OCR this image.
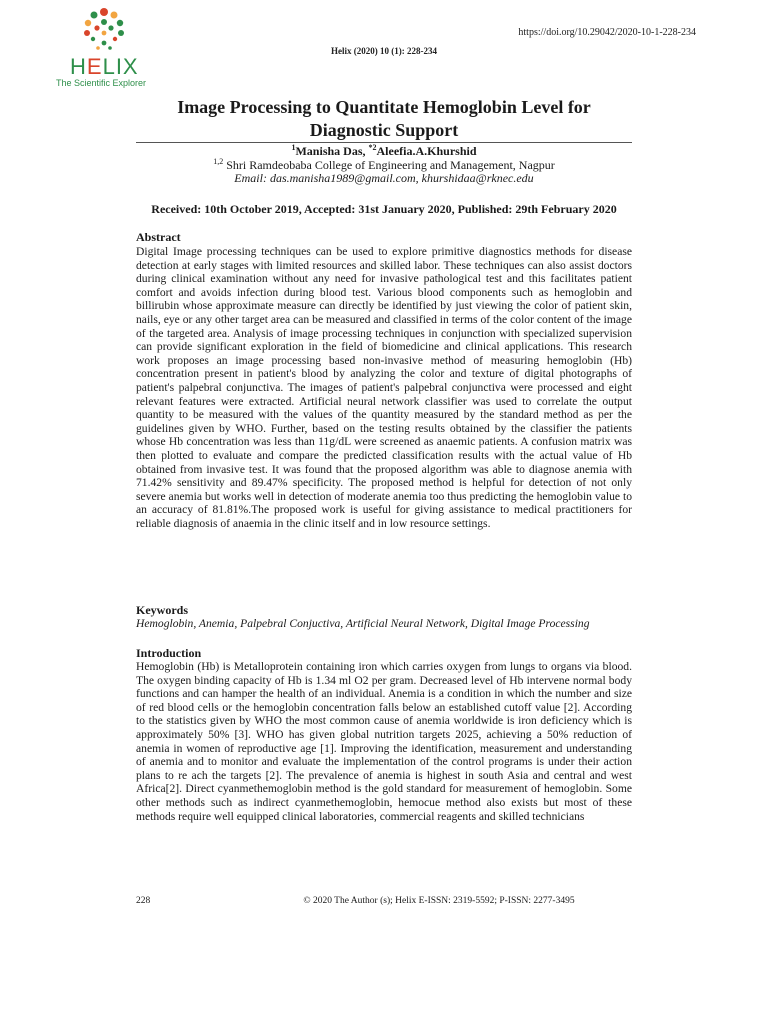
HELIX
The Scientific Explorer
https://doi.org/10.29042/2020-10-1-228-234
Helix (2020) 10 (1): 228-234
Image Processing to Quantitate Hemoglobin Level for Diagnostic Support
$^1$Manisha Das, $^{*2}$Aleefia.A.Khurshid
$^{1,2}$ Shri Ramdeobaba College of Engineering and Management, Nagpur
Email: das.manisha1989@gmail.com, khurshidaa@rknec.edu
Received: 10th October 2019, Accepted: 31st January 2020, Published: 29th February 2020
Abstract
Digital Image processing techniques can be used to explore primitive diagnostics methods for disease detection at early stages with limited resources and skilled labor. These techniques can also assist doctors during clinical examination without any need for invasive pathological test and this facilitates patient comfort and avoids infection during blood test. Various blood components such as hemoglobin and billirubin whose approximate measure can directly be identified by just viewing the color of patient skin, nails, eye or any other target area can be measured and classified in terms of the color content of the image of the targeted area. Analysis of image processing techniques in conjunction with specialized supervision can provide significant exploration in the field of biomedicine and clinical applications. This research work proposes an image processing based non-invasive method of measuring hemoglobin (Hb) concentration present in patient's blood by analyzing the color and texture of digital photographs of patient's palpebral conjunctiva. The images of patient's palpebral conjunctiva were processed and eight relevant features were extracted. Artificial neural network classifier was used to correlate the output quantity to be measured with the values of the quantity measured by the standard method as per the guidelines given by WHO. Further, based on the testing results obtained by the classifier the patients whose Hb concentration was less than 11g/dL were screened as anaemic patients. A confusion matrix was then plotted to evaluate and compare the predicted classification results with the actual value of Hb obtained from invasive test. It was found that the proposed algorithm was able to diagnose anemia with 71.42% sensitivity and 89.47% specificity. The proposed method is helpful for detection of not only severe anemia but works well in detection of moderate anemia too thus predicting the hemoglobin value to an accuracy of 81.81%.The proposed work is useful for giving assistance to medical practitioners for reliable diagnosis of anaemia in the clinic itself and in low resource settings.
Keywords
Hemoglobin, Anemia, Palpebral Conjuctiva, Artificial Neural Network, Digital Image Processing
Introduction
Hemoglobin (Hb) is Metalloprotein containing iron which carries oxygen from lungs to organs via blood. The oxygen binding capacity of Hb is 1.34 ml O2 per gram. Decreased level of Hb intervene normal body functions and can hamper the health of an individual. Anemia is a condition in which the number and size of red blood cells or the hemoglobin concentration falls below an established cutoff value [2]. According to the statistics given by WHO the most common cause of anemia worldwide is iron deficiency which is approximately 50% [3]. WHO has given global nutrition targets 2025, achieving a 50% reduction of anemia in women of reproductive age [1]. Improving the identification, measurement and understanding of anemia and to monitor and evaluate the implementation of the control programs is under their action plans to re ach the targets [2]. The prevalence of anemia is highest in south Asia and central and west Africa[2]. Direct cyanmethemoglobin method is the gold standard for measurement of hemoglobin. Some other methods such as indirect cyanmethemoglobin, hemocue method also exists but most of these methods require well equipped clinical laboratories, commercial reagents and skilled technicians
228	© 2020 The Author (s); Helix E-ISSN: 2319-5592; P-ISSN: 2277-3495
